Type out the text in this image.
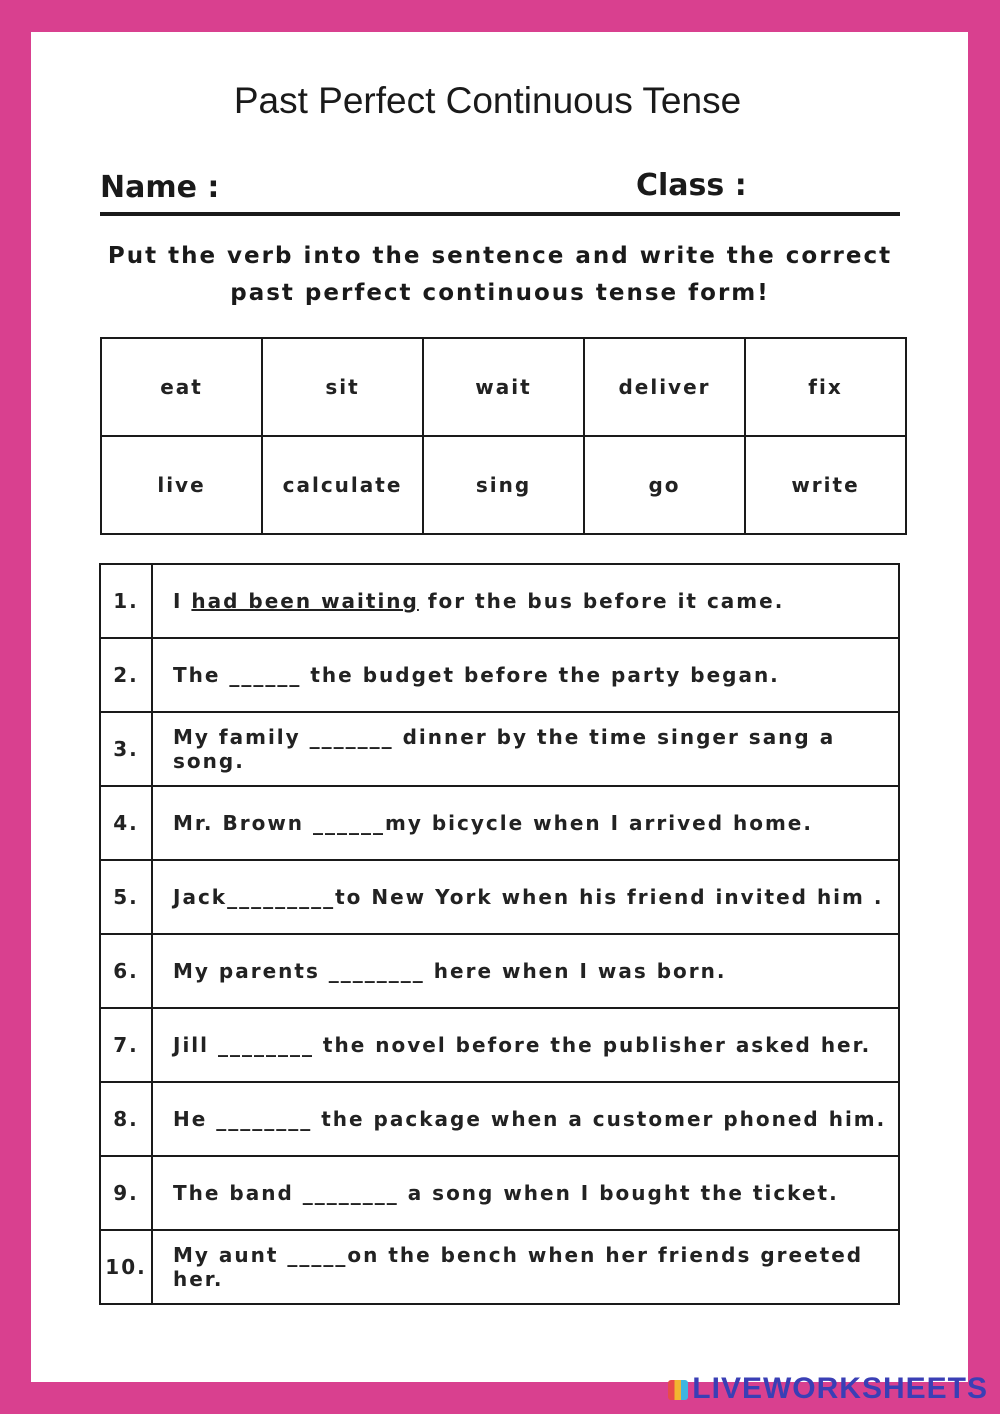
Past Perfect Continuous Tense
Name :	Class :
Put the verb into the sentence and write the correct past perfect continuous tense form!
eat	sit	wait	deliver	fix
live	calculate	sing	go	write
1.	I had been waiting for the bus before it came.
2.	The ______ the budget before the party began.
3.	My family _______ dinner by the time singer sang a song.
4.	Mr. Brown ______my bicycle when I arrived home.
5.	Jack_________to New York when his friend invited him .
6.	My parents ________ here when I was born.
7.	Jill ________ the novel before the publisher asked her.
8.	He ________ the package when a customer phoned him.
9.	The band ________ a song when I bought the ticket.
10.	My aunt _____on the bench when her friends greeted her.
LIVEWORKSHEETS
